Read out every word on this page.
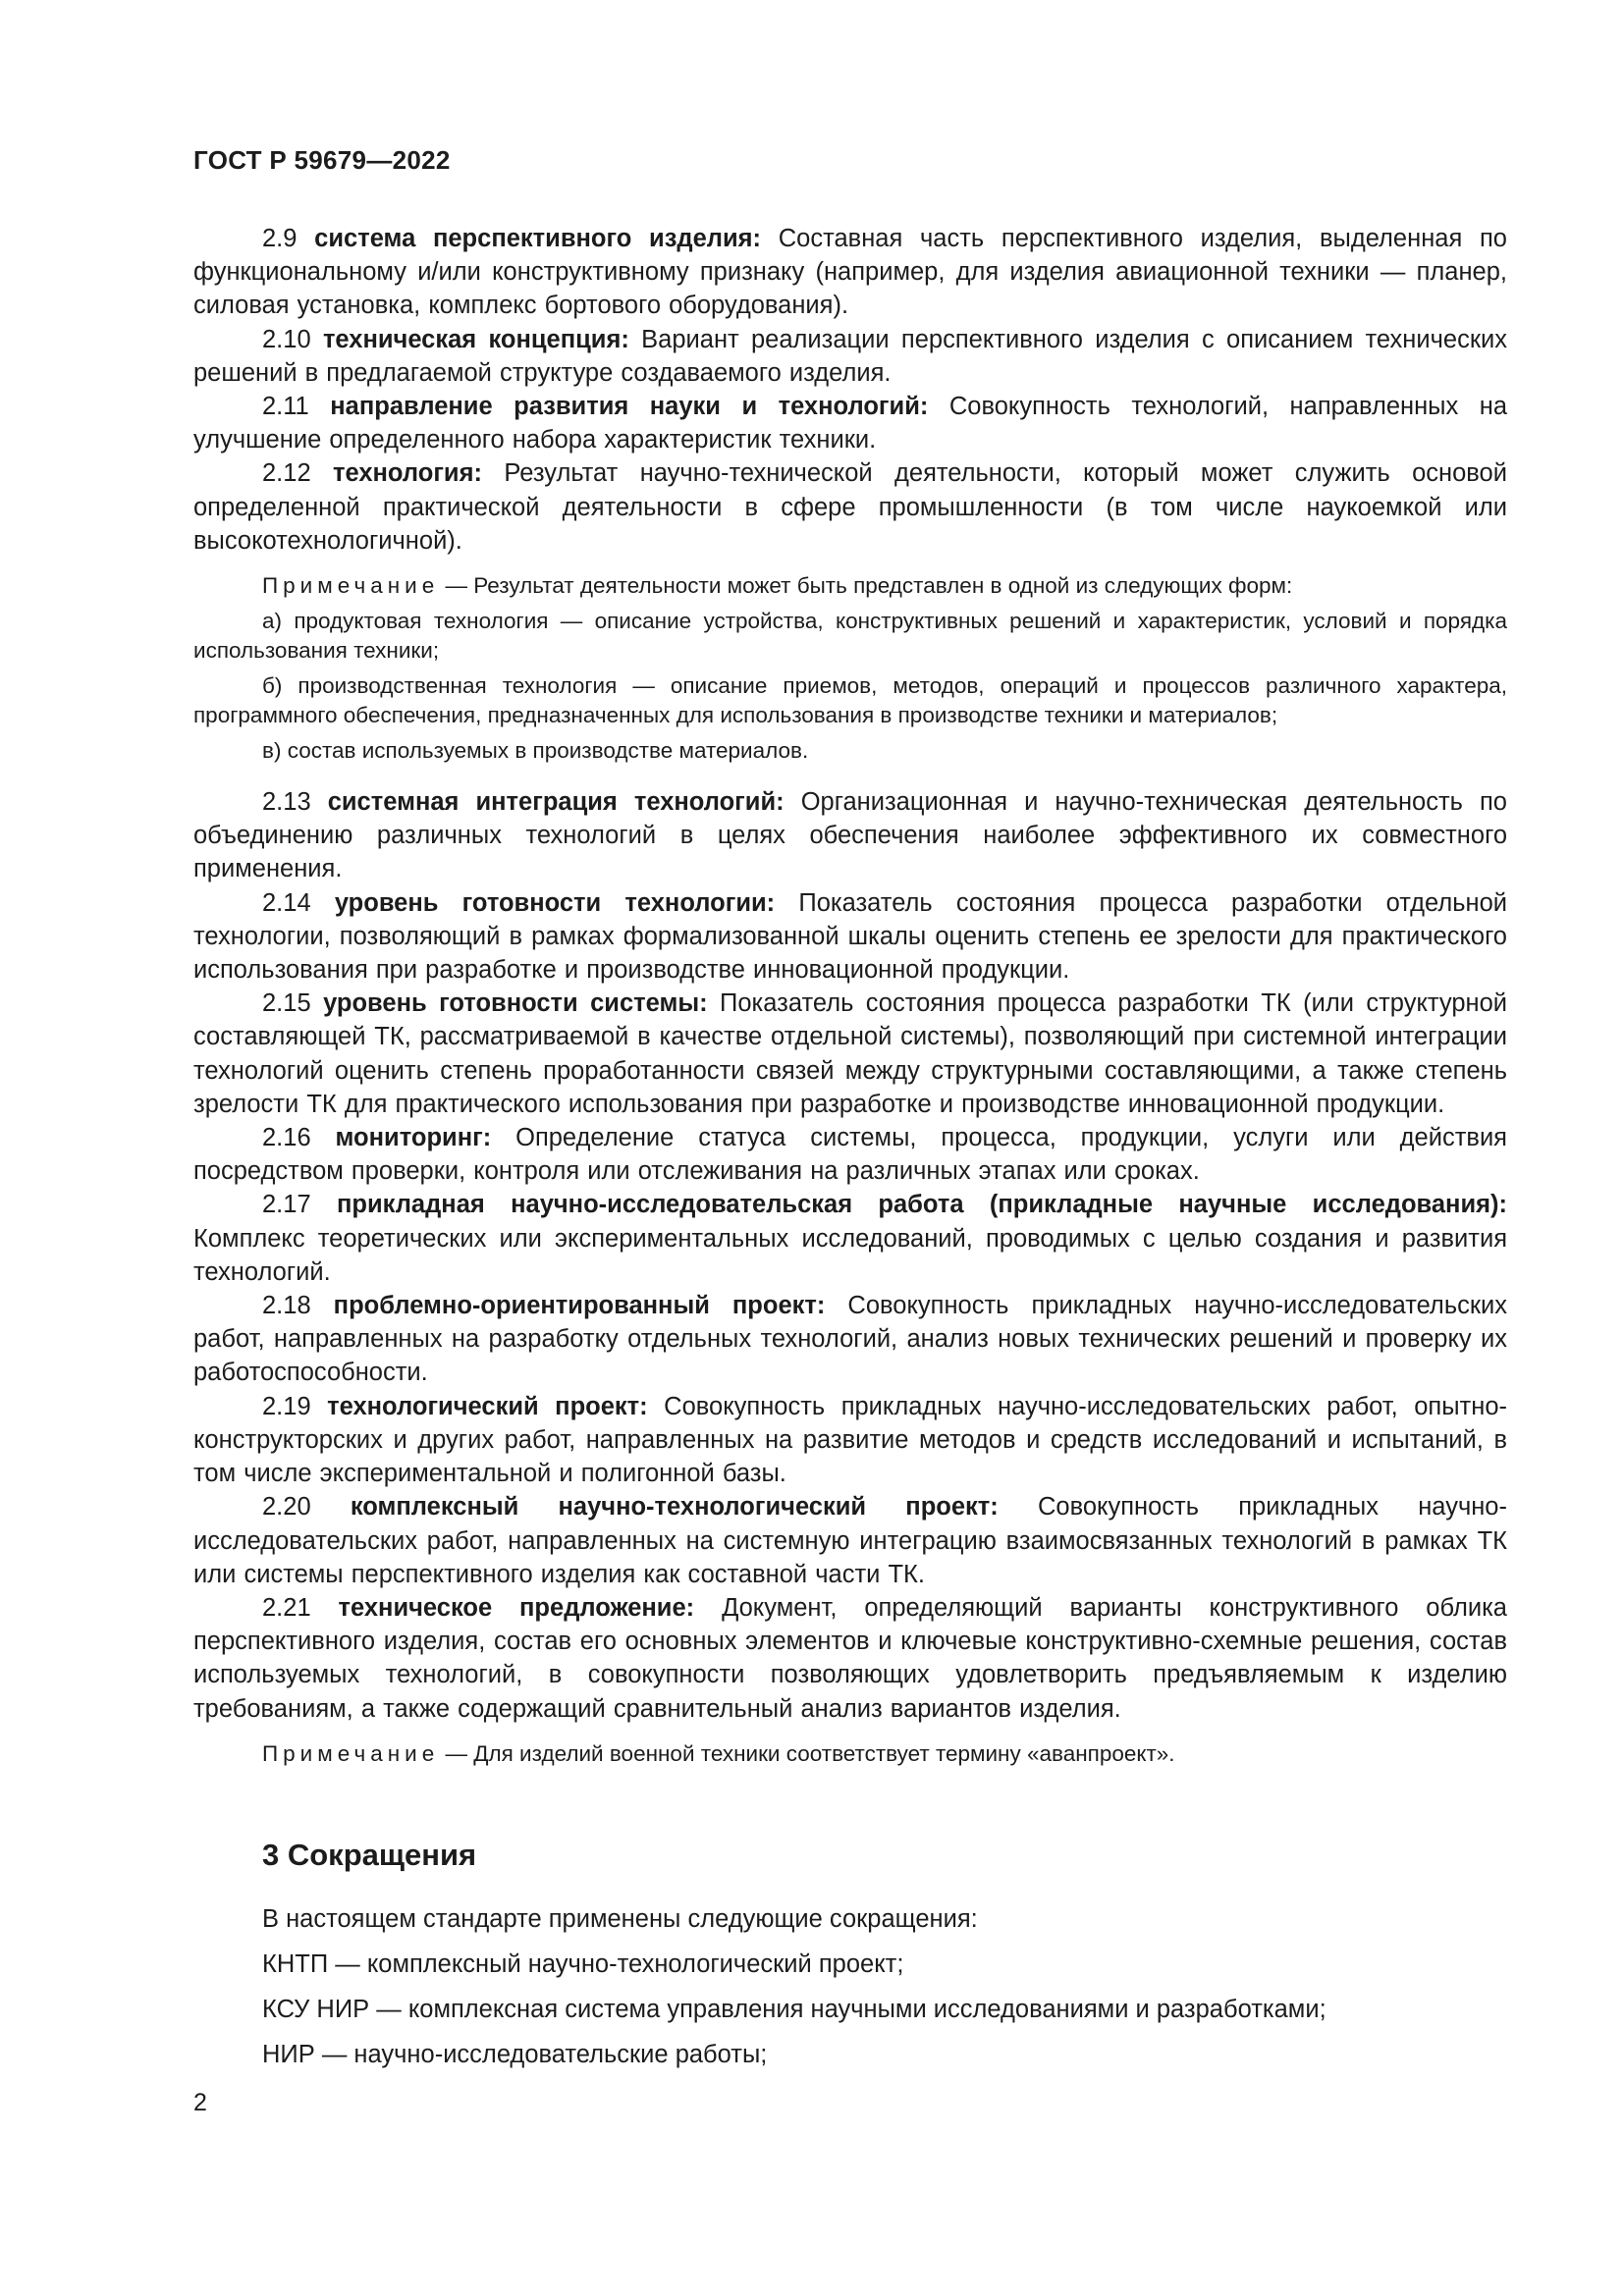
ГОСТ Р 59679—2022

2.9 система перспективного изделия: Составная часть перспективного изделия, выделенная по функциональному и/или конструктивному признаку (например, для изделия авиационной техники — планер, силовая установка, комплекс бортового оборудования).

2.10 техническая концепция: Вариант реализации перспективного изделия с описанием технических решений в предлагаемой структуре создаваемого изделия.

2.11 направление развития науки и технологий: Совокупность технологий, направленных на улучшение определенного набора характеристик техники.

2.12 технология: Результат научно-технической деятельности, который может служить основой определенной практической деятельности в сфере промышленности (в том числе наукоемкой или высокотехнологичной).

Примечание — Результат деятельности может быть представлен в одной из следующих форм:

а) продуктовая технология — описание устройства, конструктивных решений и характеристик, условий и порядка использования техники;

б) производственная технология — описание приемов, методов, операций и процессов различного характера, программного обеспечения, предназначенных для использования в производстве техники и материалов;

в) состав используемых в производстве материалов.

2.13 системная интеграция технологий: Организационная и научно-техническая деятельность по объединению различных технологий в целях обеспечения наиболее эффективного их совместного применения.

2.14 уровень готовности технологии: Показатель состояния процесса разработки отдельной технологии, позволяющий в рамках формализованной шкалы оценить степень ее зрелости для практического использования при разработке и производстве инновационной продукции.

2.15 уровень готовности системы: Показатель состояния процесса разработки ТК (или структурной составляющей ТК, рассматриваемой в качестве отдельной системы), позволяющий при системной интеграции технологий оценить степень проработанности связей между структурными составляющими, а также степень зрелости ТК для практического использования при разработке и производстве инновационной продукции.

2.16 мониторинг: Определение статуса системы, процесса, продукции, услуги или действия посредством проверки, контроля или отслеживания на различных этапах или сроках.

2.17 прикладная научно-исследовательская работа (прикладные научные исследования): Комплекс теоретических или экспериментальных исследований, проводимых с целью создания и развития технологий.

2.18 проблемно-ориентированный проект: Совокупность прикладных научно-исследовательских работ, направленных на разработку отдельных технологий, анализ новых технических решений и проверку их работоспособности.

2.19 технологический проект: Совокупность прикладных научно-исследовательских работ, опытно-конструкторских и других работ, направленных на развитие методов и средств исследований и испытаний, в том числе экспериментальной и полигонной базы.

2.20 комплексный научно-технологический проект: Совокупность прикладных научно-исследовательских работ, направленных на системную интеграцию взаимосвязанных технологий в рамках ТК или системы перспективного изделия как составной части ТК.

2.21 техническое предложение: Документ, определяющий варианты конструктивного облика перспективного изделия, состав его основных элементов и ключевые конструктивно-схемные решения, состав используемых технологий, в совокупности позволяющих удовлетворить предъявляемым к изделию требованиям, а также содержащий сравнительный анализ вариантов изделия.

Примечание — Для изделий военной техники соответствует термину «аванпроект».

3 Сокращения

В настоящем стандарте применены следующие сокращения:

КНТП — комплексный научно-технологический проект;

КСУ НИР — комплексная система управления научными исследованиями и разработками;

НИР — научно-исследовательские работы;

2
